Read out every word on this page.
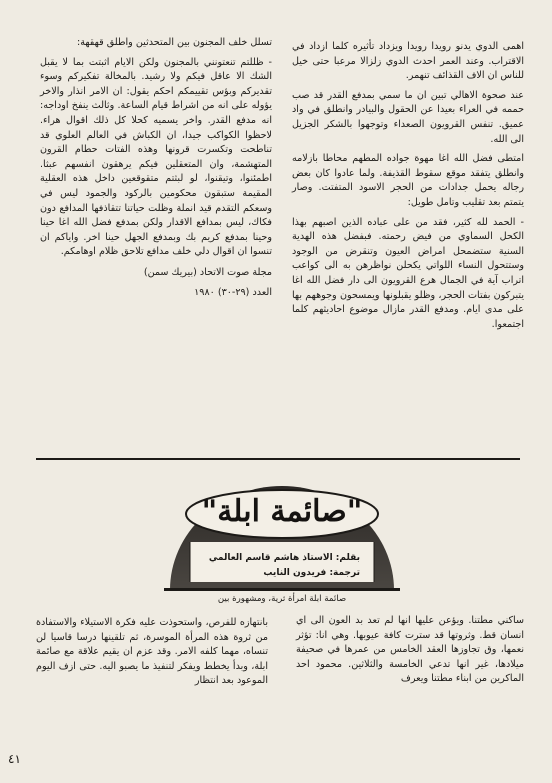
اهمى الدوي يدنو رويدا رويدا ويزداد تأثيره كلما ازداد في الاقتراب. وعند العمر احدث الدوي زلزالا مرعبا حتى خيل للناس ان الاف القذائف تنهمر.

عند صحوة الاهالي تبين ان ما سمي بمدفع القدر قد صب حممه في العراء بعيدا عن الحقول والبيادر وانطلق في واد عميق. تنفس القرويون الصعداء وتوجهوا بالشكر الجزيل الى الله.

امتطى فضل الله اغا مهوة جواده المطهم محاطا بازلامه وانطلق يتفقد موقع سقوط القذيفة. ولما عادوا كان بعض رجاله يحمل جدادات من الحجر الاسود المتفتت. وصار يتمتم بعد تقليب وتامل طويل:

- الحمد لله كثير، فقد من على عباده الذين اصبهم بهذا الكحل السماوي من فيض رحمته. فبفضل هذه الهدية السنية ستضمحل امراض العيون وتنقرض من الوجود وستتحول النساء اللواتي يكحلن نواظرهن به الى كواعب اتراب آية في الجمال هرع القرويون الى دار فضل الله اغا يتبركون بفتات الحجر، وظلو يقبلونها ويمسحون وجوههم بها على مدى ايام. ومدفع القدر مازال موضوع احاديثهم كلما اجتمعوا.

تسلل خلف المجنون بين المتحدثين واطلق قهقهة:

- ظللتم تنعتونني بالمجنون ولكن الايام اثبتت بما لا يقبل الشك الا عاقل فيكم ولا رشيد. بالمخالة تفكيركم وسوء تقديركم وبؤس تقييمكم احكم يقول: ان الامر انذار والاخر يؤوله على انه من اشراط قيام الساعة. وثالث ينفخ اوداجه: انه مدفع القدر. واخر يسميه كحلا كل ذلك اقوال هراء. لاحظوا الكواكب جيدا، ان الكباش في العالم العلوي قد تناطحت وتكسرت قرونها وهذه الفتات حطام القرون المتهشمة، وان المتعقلين فيكم يرهقون انفسهم عبثا. اطمئنوا، وتيقنوا، لو لبثتم متقوقعين داخل هذه العقلية المقيمة ستبقون محكومين بالركود والجمود ليس في وسعكم التقدم قيد انملة وظلت حياتنا تتقاذفها المدافع دون فكاك، ليس بمدافع الاقدار ولكن بمدفع فضل الله اغا حينا وحينا بمدفع كريم بك وبمدفع الجهل حينا اخر. واياكم ان تنسوا ان اقوال دلي خلف مدافع تلاحق ظلام اوهامكم.

مجلة صوت الاتحاد (بيريك سمن)

العدد (٢٩-٣٠) ١٩٨٠

"صائمة ابلة"
بقلم: الاستاذ هاشم قاسم العالمي
ترجمة: فريدون النايب
صائمة ابلة امرأة ثرية، ومشهورة بين

ساكني مطتنا. ويؤعن عليها انها لم تعد بد العون الى اي انسان قط. وثروتها قد سترت كافة عيوبها. وهي انا: تؤثر نعمها، وق تجاوزها العقد الخامس من عمرها في صحيفة ميلادها، غير انها تدعي الخامسة والثلاثين. محمود احد الماكرين من ابناء مطتنا ويعرف

بانتهازه للفرص، واستحوذت عليه فكرة الاستيلاء والاستفادة من ثروة هذه المرأة الموسرة، ثم تلقينها درسا قاسيا لن تنساه، مهما كلفه الامر. وقد عزم ان يقيم علاقة مع صائمة ابلة، وبدأ يخطط ويفكر لتنفيذ ما يصبو اليه. حتى ازف اليوم الموعود بعد انتظار

٤١
